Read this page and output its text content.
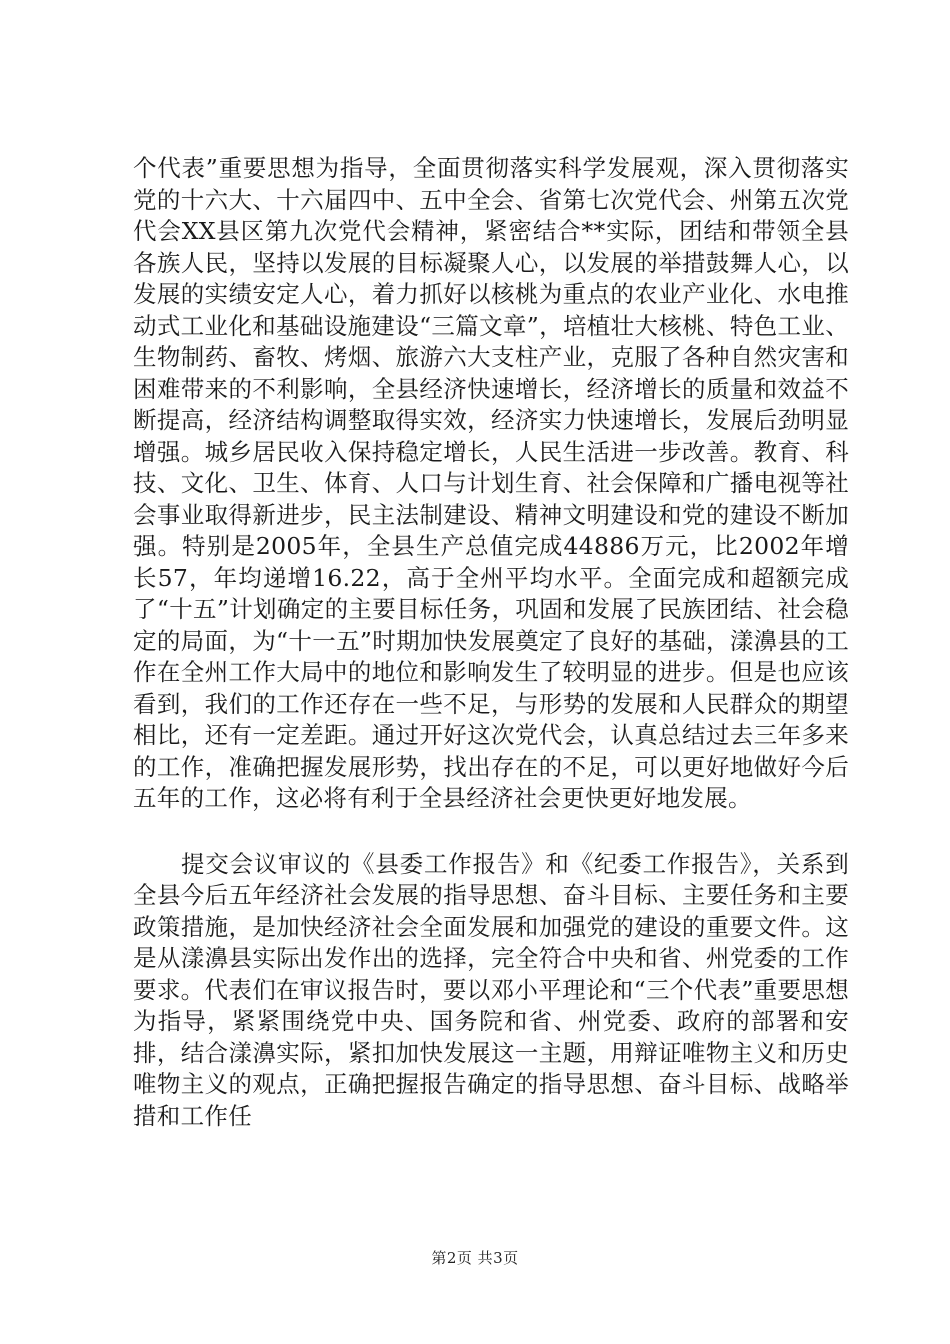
个代表”重要思想为指导，全面贯彻落实科学发展观，深入贯彻落实党的十六大、十六届四中、五中全会、省第七次党代会、州第五次党代会XX县区第九次党代会精神，紧密结合**实际，团结和带领全县各族人民，坚持以发展的目标凝聚人心，以发展的举措鼓舞人心，以发展的实绩安定人心，着力抓好以核桃为重点的农业产业化、水电推动式工业化和基础设施建设“三篇文章”，培植壮大核桃、特色工业、生物制药、畜牧、烤烟、旅游六大支柱产业，克服了各种自然灾害和困难带来的不利影响，全县经济快速增长，经济增长的质量和效益不断提高，经济结构调整取得实效，经济实力快速增长，发展后劲明显增强。城乡居民收入保持稳定增长，人民生活进一步改善。教育、科技、文化、卫生、体育、人口与计划生育、社会保障和广播电视等社会事业取得新进步，民主法制建设、精神文明建设和党的建设不断加强。特别是2005年，全县生产总值完成44886万元，比2002年增长57，年均递增16.22，高于全州平均水平。全面完成和超额完成了“十五”计划确定的主要目标任务，巩固和发展了民族团结、社会稳定的局面，为“十一五”时期加快发展奠定了良好的基础，漾濞县的工作在全州工作大局中的地位和影响发生了较明显的进步。但是也应该看到，我们的工作还存在一些不足，与形势的发展和人民群众的期望相比，还有一定差距。通过开好这次党代会，认真总结过去三年多来的工作，准确把握发展形势，找出存在的不足，可以更好地做好今后五年的工作，这必将有利于全县经济社会更快更好地发展。

提交会议审议的《县委工作报告》和《纪委工作报告》，关系到全县今后五年经济社会发展的指导思想、奋斗目标、主要任务和主要政策措施，是加快经济社会全面发展和加强党的建设的重要文件。这是从漾濞县实际出发作出的选择，完全符合中央和省、州党委的工作要求。代表们在审议报告时，要以邓小平理论和“三个代表”重要思想为指导，紧紧围绕党中央、国务院和省、州党委、政府的部署和安排，结合漾濞实际，紧扣加快发展这一主题，用辩证唯物主义和历史唯物主义的观点，正确把握报告确定的指导思想、奋斗目标、战略举措和工作任

第2页 共3页
